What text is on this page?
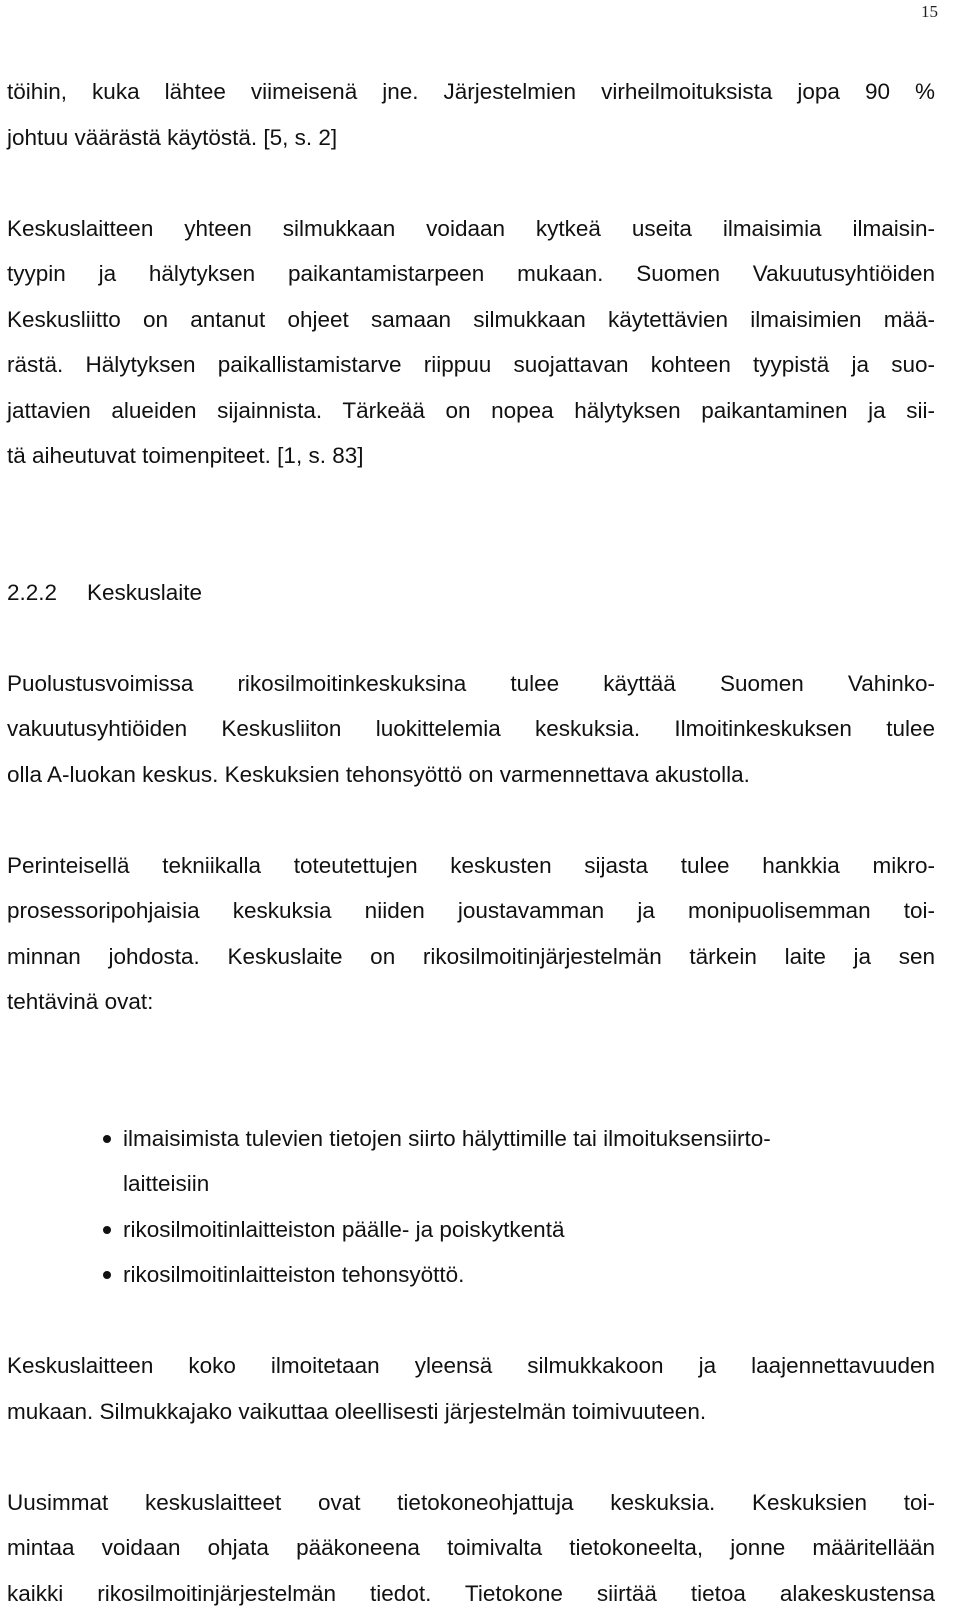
15
töihin, kuka lähtee viimeisenä jne. Järjestelmien virheilmoituksista jopa 90 %
johtuu väärästä käytöstä. [5, s. 2]
Keskuslaitteen yhteen silmukkaan voidaan kytkeä useita ilmaisimia ilmaisin-
tyypin ja hälytyksen paikantamistarpeen mukaan. Suomen Vakuutusyhtiöiden
Keskusliitto on antanut ohjeet samaan silmukkaan käytettävien ilmaisimien mää-
rästä. Hälytyksen paikallistamistarve riippuu suojattavan kohteen tyypistä ja suo-
jattavien alueiden sijainnista. Tärkeää on nopea hälytyksen paikantaminen ja sii-
tä aiheutuvat toimenpiteet. [1, s. 83]
2.2.2 Keskuslaite
Puolustusvoimissa rikosilmoitinkeskuksina tulee käyttää Suomen Vahinko-
vakuutusyhtiöiden Keskusliiton luokittelemia keskuksia. Ilmoitinkeskuksen tulee
olla A-luokan keskus. Keskuksien tehonsyöttö on varmennettava akustolla.
Perinteisellä tekniikalla toteutettujen keskusten sijasta tulee hankkia mikro-
prosessoripohjaisia keskuksia niiden joustavamman ja monipuolisemman toi-
minnan johdosta. Keskuslaite on rikosilmoitinjärjestelmän tärkein laite ja sen
tehtävinä ovat:
ilmaisimista tulevien tietojen siirto hälyttimille tai ilmoituksensiirto-
laitteisiin
rikosilmoitinlaitteiston päälle- ja poiskytkentä
rikosilmoitinlaitteiston tehonsyöttö.
Keskuslaitteen koko ilmoitetaan yleensä silmukkakoon ja laajennettavuuden
mukaan. Silmukkajako vaikuttaa oleellisesti järjestelmän toimivuuteen.
Uusimmat keskuslaitteet ovat tietokoneohjattuja keskuksia. Keskuksien toi-
mintaa voidaan ohjata pääkoneena toimivalta tietokoneelta, jonne määritellään
kaikki rikosilmoitinjärjestelmän tiedot. Tietokone siirtää tietoa alakeskustensa
